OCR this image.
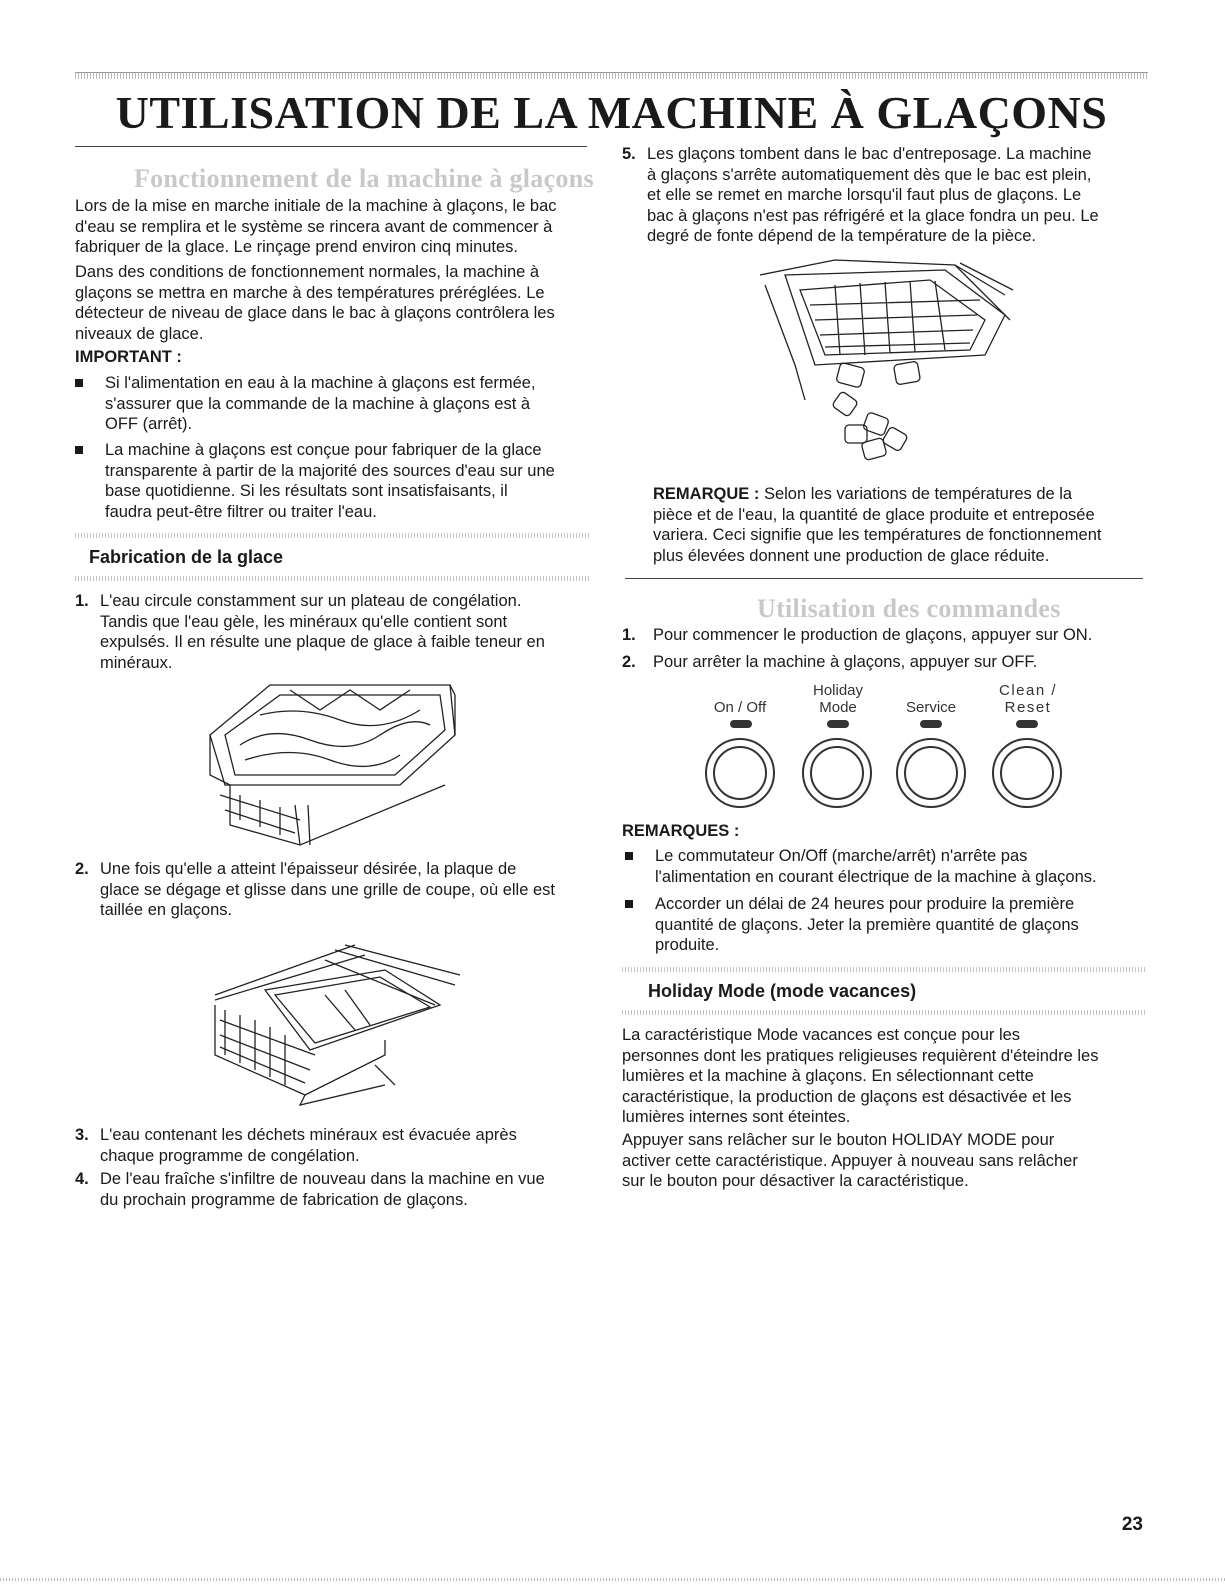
UTILISATION DE LA MACHINE À GLAÇONS
Fonctionnement de la machine à glaçons
Lors de la mise en marche initiale de la machine à glaçons, le bac
d'eau se remplira et le système se rincera avant de commencer à
fabriquer de la glace. Le rinçage prend environ cinq minutes.
Dans des conditions de fonctionnement normales, la machine à
glaçons se mettra en marche à des températures préréglées. Le
détecteur de niveau de glace dans le bac à glaçons contrôlera les
niveaux de glace.
IMPORTANT :
Si l'alimentation en eau à la machine à glaçons est fermée,
s'assurer que la commande de la machine à glaçons est à
OFF (arrêt).
La machine à glaçons est conçue pour fabriquer de la glace
transparente à partir de la majorité des sources d'eau sur une
base quotidienne. Si les résultats sont insatisfaisants, il
faudra peut-être filtrer ou traiter l'eau.
Fabrication de la glace
1. L'eau circule constamment sur un plateau de congélation.
Tandis que l'eau gèle, les minéraux qu'elle contient sont
expulsés. Il en résulte une plaque de glace à faible teneur en
minéraux.
2. Une fois qu'elle a atteint l'épaisseur désirée, la plaque de
glace se dégage et glisse dans une grille de coupe, où elle est
taillée en glaçons.
3. L'eau contenant les déchets minéraux est évacuée après
chaque programme de congélation.
4. De l'eau fraîche s'infiltre de nouveau dans la machine en vue
du prochain programme de fabrication de glaçons.
5. Les glaçons tombent dans le bac d'entreposage. La machine
à glaçons s'arrête automatiquement dès que le bac est plein,
et elle se remet en marche lorsqu'il faut plus de glaçons. Le
bac à glaçons n'est pas réfrigéré et la glace fondra un peu. Le
degré de fonte dépend de la température de la pièce.
REMARQUE : Selon les variations de températures de la
pièce et de l'eau, la quantité de glace produite et entreposée
variera. Ceci signifie que les températures de fonctionnement
plus élevées donnent une production de glace réduite.
Utilisation des commandes
1. Pour commencer le production de glaçons, appuyer sur ON.
2. Pour arrêter la machine à glaçons, appuyer sur OFF.

On / Off
Holiday
Mode
	Service
Clean /
Reset
REMARQUES :
Le commutateur On/Off (marche/arrêt) n'arrête pas
l'alimentation en courant électrique de la machine à glaçons.
Accorder un délai de 24 heures pour produire la première
quantité de glaçons. Jeter la première quantité de glaçons
produite.
Holiday Mode (mode vacances)
La caractéristique Mode vacances est conçue pour les
personnes dont les pratiques religieuses requièrent d'éteindre les
lumières et la machine à glaçons. En sélectionnant cette
caractéristique, la production de glaçons est désactivée et les
lumières internes sont éteintes.
Appuyer sans relâcher sur le bouton HOLIDAY MODE pour
activer cette caractéristique. Appuyer à nouveau sans relâcher
sur le bouton pour désactiver la caractéristique.
23
